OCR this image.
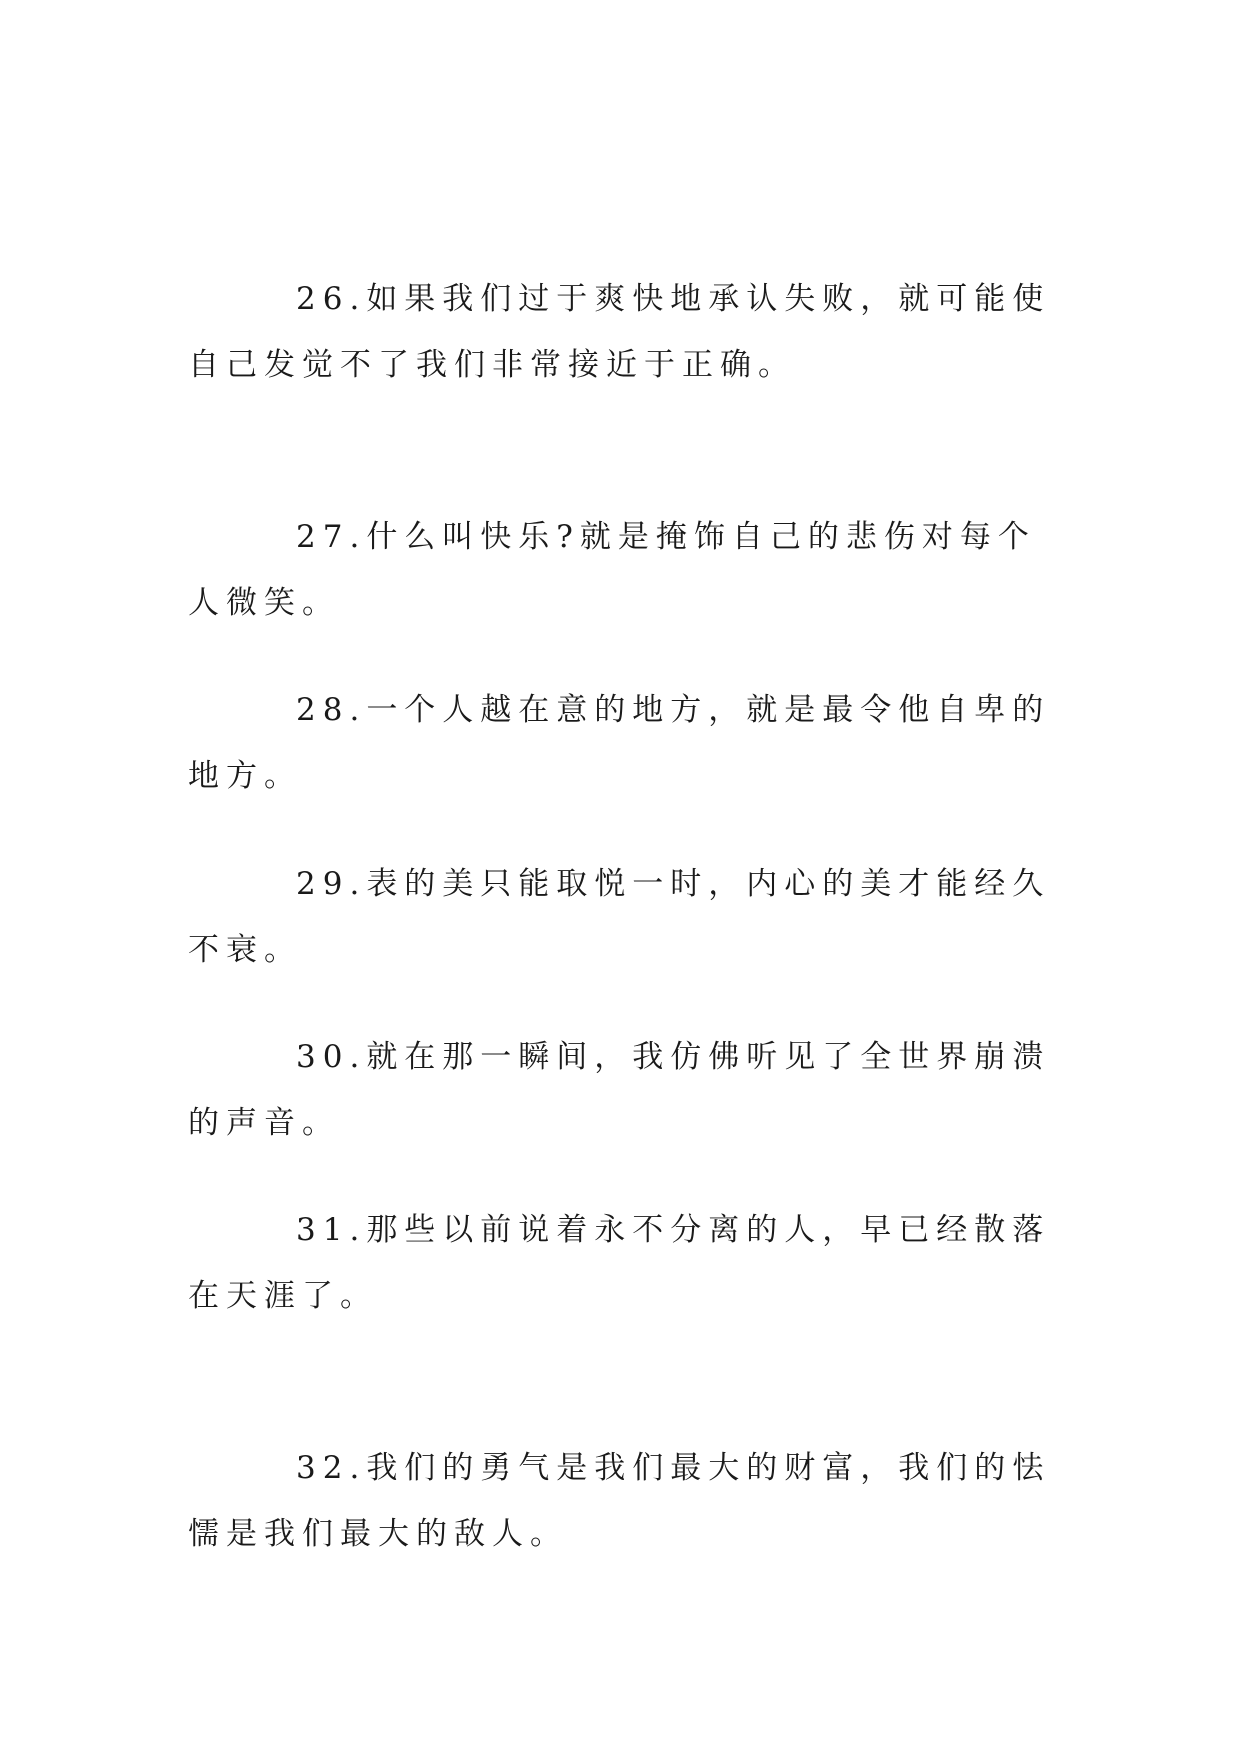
26.如果我们过于爽快地承认失败，就可能使自己发觉不了我们非常接近于正确。

27.什么叫快乐?就是掩饰自己的悲伤对每个人微笑。

28.一个人越在意的地方，就是最令他自卑的地方。

29.表的美只能取悦一时，内心的美才能经久不衰。

30.就在那一瞬间，我仿佛听见了全世界崩溃的声音。

31.那些以前说着永不分离的人，早已经散落在天涯了。

32.我们的勇气是我们最大的财富，我们的怯懦是我们最大的敌人。
